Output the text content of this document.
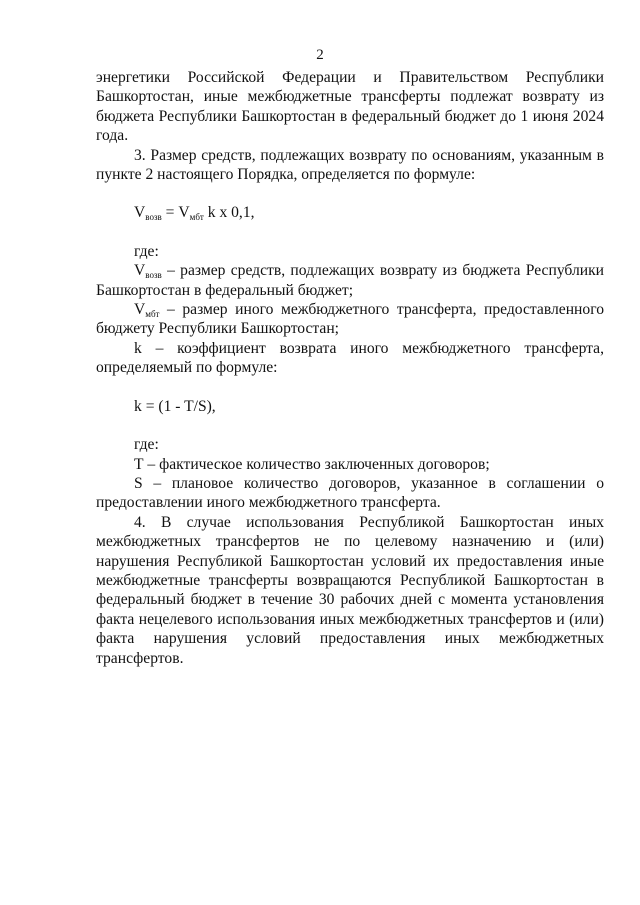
2

энергетики Российской Федерации и Правительством Республики Башкортостан, иные межбюджетные трансферты подлежат возврату из бюджета Республики Башкортостан в федеральный бюджет до 1 июня 2024 года.

3. Размер средств, подлежащих возврату по основаниям, указанным в пункте 2 настоящего Порядка, определяется по формуле:

$V_{возв} = V_{мбт}$ k x 0,1,

где:

$V_{возв}$ – размер средств, подлежащих возврату из бюджета Республики Башкортостан в федеральный бюджет;

$V_{мбт}$ – размер иного межбюджетного трансферта, предоставленного бюджету Республики Башкортостан;

k – коэффициент возврата иного межбюджетного трансферта, определяемый по формуле:

k = (1 - T/S),

где:

Т – фактическое количество заключенных договоров;

S – плановое количество договоров, указанное в соглашении о предоставлении иного межбюджетного трансферта.

4. В случае использования Республикой Башкортостан иных межбюджетных трансфертов не по целевому назначению и (или) нарушения Республикой Башкортостан условий их предоставления иные межбюджетные трансферты возвращаются Республикой Башкортостан в федеральный бюджет в течение 30 рабочих дней с момента установления факта нецелевого использования иных межбюджетных трансфертов и (или) факта нарушения условий предоставления иных межбюджетных трансфертов.
